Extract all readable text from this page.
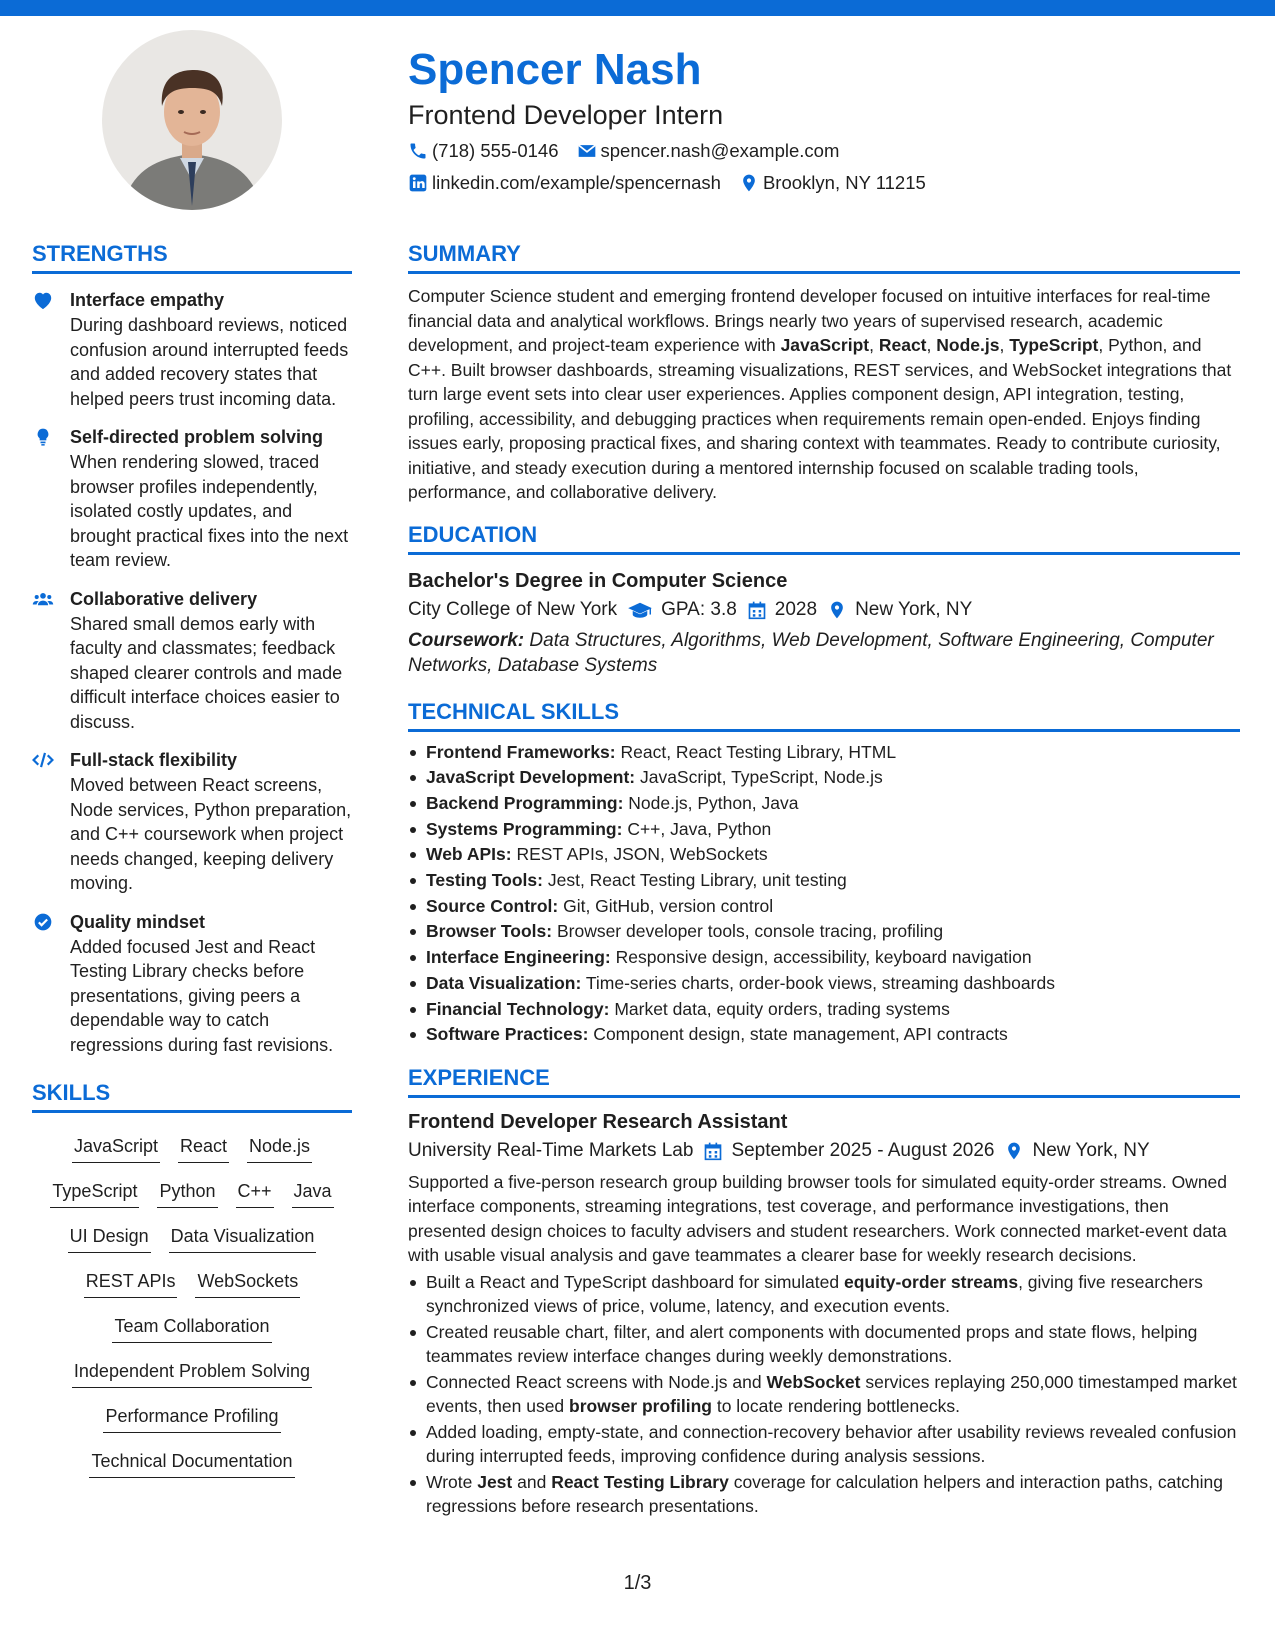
Spencer Nash
Frontend Developer Intern
(718) 555-0146 spencer.nash@example.com
linkedin.com/example/spencernash Brooklyn, NY 11215
STRENGTHS
Interface empathy
During dashboard reviews, noticed confusion around interrupted feeds and added recovery states that helped peers trust incoming data.
Self-directed problem solving
When rendering slowed, traced browser profiles independently, isolated costly updates, and brought practical fixes into the next team review.
Collaborative delivery
Shared small demos early with faculty and classmates; feedback shaped clearer controls and made difficult interface choices easier to discuss.
Full-stack flexibility
Moved between React screens, Node services, Python preparation, and C++ coursework when project needs changed, keeping delivery moving.
Quality mindset
Added focused Jest and React Testing Library checks before presentations, giving peers a dependable way to catch regressions during fast revisions.
SKILLS
JavaScript React Node.js
TypeScript Python C++ Java
UI Design Data Visualization
REST APIs WebSockets
Team Collaboration
Independent Problem Solving
Performance Profiling
Technical Documentation
SUMMARY
Computer Science student and emerging frontend developer focused on intuitive interfaces for real-time financial data and analytical workflows. Brings nearly two years of supervised research, academic development, and project-team experience with JavaScript, React, Node.js, TypeScript, Python, and C++. Built browser dashboards, streaming visualizations, REST services, and WebSocket integrations that turn large event sets into clear user experiences. Applies component design, API integration, testing, profiling, accessibility, and debugging practices when requirements remain open-ended. Enjoys finding issues early, proposing practical fixes, and sharing context with teammates. Ready to contribute curiosity, initiative, and steady execution during a mentored internship focused on scalable trading tools, performance, and collaborative delivery.
EDUCATION
Bachelor's Degree in Computer Science
City College of New York GPA: 3.8 2028 New York, NY
Coursework: Data Structures, Algorithms, Web Development, Software Engineering, Computer Networks, Database Systems
TECHNICAL SKILLS
Frontend Frameworks: React, React Testing Library, HTML
JavaScript Development: JavaScript, TypeScript, Node.js
Backend Programming: Node.js, Python, Java
Systems Programming: C++, Java, Python
Web APIs: REST APIs, JSON, WebSockets
Testing Tools: Jest, React Testing Library, unit testing
Source Control: Git, GitHub, version control
Browser Tools: Browser developer tools, console tracing, profiling
Interface Engineering: Responsive design, accessibility, keyboard navigation
Data Visualization: Time-series charts, order-book views, streaming dashboards
Financial Technology: Market data, equity orders, trading systems
Software Practices: Component design, state management, API contracts
EXPERIENCE
Frontend Developer Research Assistant
University Real-Time Markets Lab September 2025 - August 2026 New York, NY
Supported a five-person research group building browser tools for simulated equity-order streams. Owned interface components, streaming integrations, test coverage, and performance investigations, then presented design choices to faculty advisers and student researchers. Work connected market-event data with usable visual analysis and gave teammates a clearer base for weekly research decisions.
Built a React and TypeScript dashboard for simulated equity-order streams, giving five researchers synchronized views of price, volume, latency, and execution events.
Created reusable chart, filter, and alert components with documented props and state flows, helping teammates review interface changes during weekly demonstrations.
Connected React screens with Node.js and WebSocket services replaying 250,000 timestamped market events, then used browser profiling to locate rendering bottlenecks.
Added loading, empty-state, and connection-recovery behavior after usability reviews revealed confusion during interrupted feeds, improving confidence during analysis sessions.
Wrote Jest and React Testing Library coverage for calculation helpers and interaction paths, catching regressions before research presentations.
1/3
